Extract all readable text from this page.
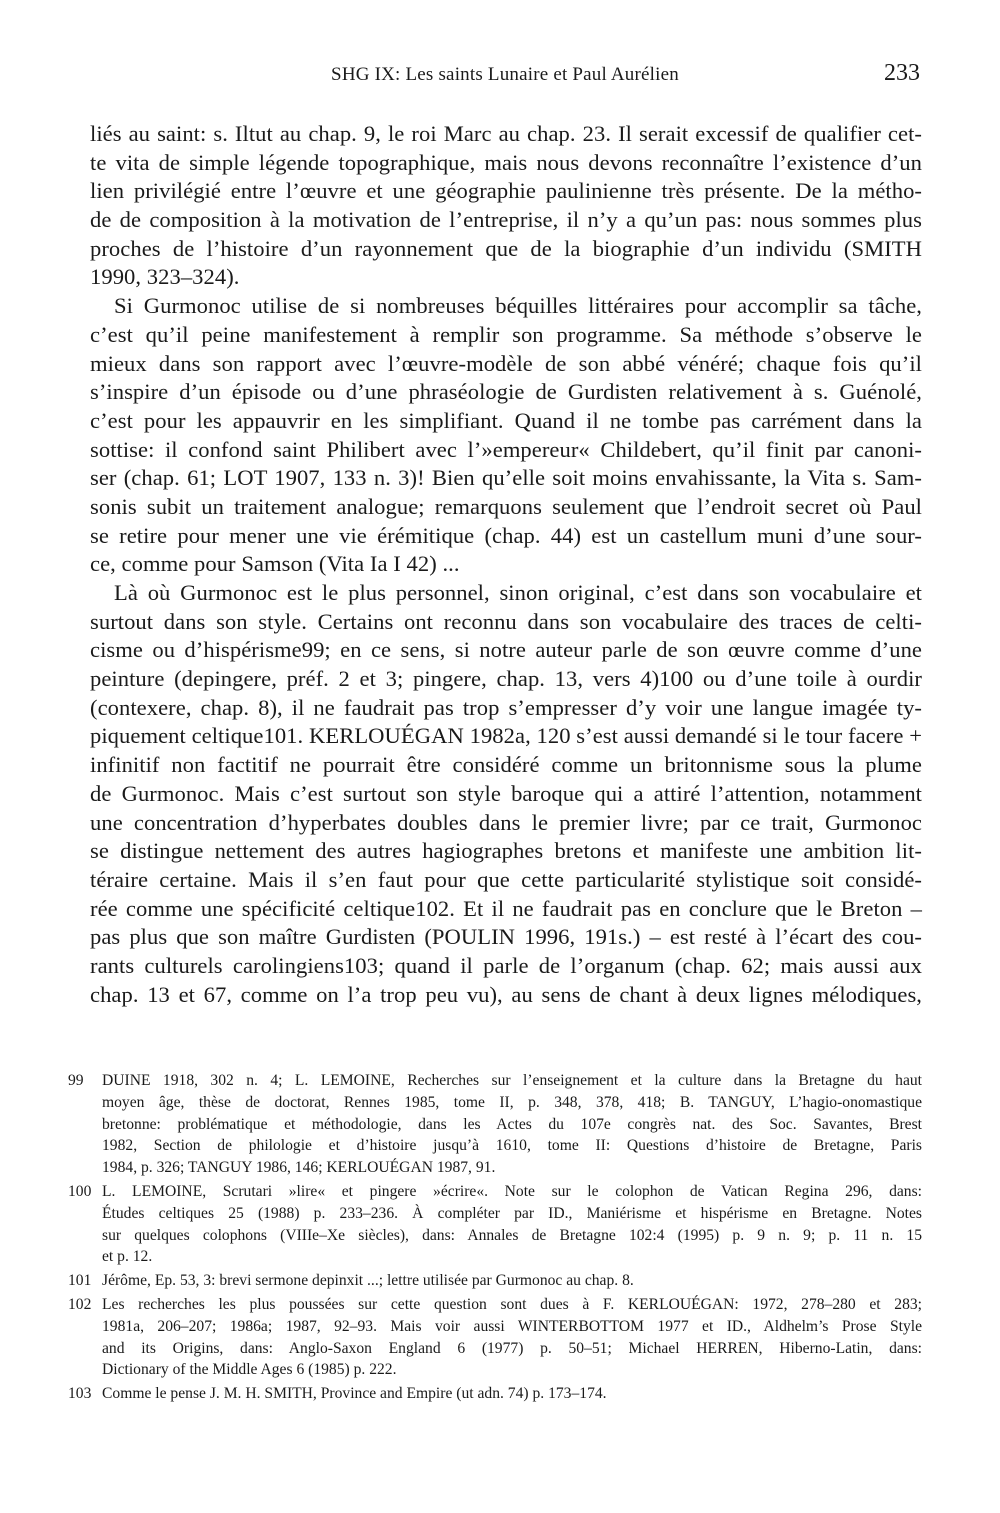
SHG IX: Les saints Lunaire et Paul Aurélien	233
liés au saint: s. Iltut au chap. 9, le roi Marc au chap. 23. Il serait excessif de qualifier cet-
te vita de simple légende topographique, mais nous devons reconnaître l’existence d’un
lien privilégié entre l’œuvre et une géographie paulinienne très présente. De la métho-
de de composition à la motivation de l’entreprise, il n’y a qu’un pas: nous sommes plus
proches de l’histoire d’un rayonnement que de la biographie d’un individu (SMITH
1990, 323–324).
Si Gurmonoc utilise de si nombreuses béquilles littéraires pour accomplir sa tâche,
c’est qu’il peine manifestement à remplir son programme. Sa méthode s’observe le
mieux dans son rapport avec l’œuvre-modèle de son abbé vénéré; chaque fois qu’il
s’inspire d’un épisode ou d’une phraséologie de Gurdisten relativement à s. Guénolé,
c’est pour les appauvrir en les simplifiant. Quand il ne tombe pas carrément dans la
sottise: il confond saint Philibert avec l’»empereur« Childebert, qu’il finit par canoni-
ser (chap. 61; LOT 1907, 133 n. 3)! Bien qu’elle soit moins envahissante, la Vita s. Sam-
sonis subit un traitement analogue; remarquons seulement que l’endroit secret où Paul
se retire pour mener une vie érémitique (chap. 44) est un castellum muni d’une sour-
ce, comme pour Samson (Vita Ia I 42) ...
Là où Gurmonoc est le plus personnel, sinon original, c’est dans son vocabulaire et
surtout dans son style. Certains ont reconnu dans son vocabulaire des traces de celti-
cisme ou d’hispérisme99; en ce sens, si notre auteur parle de son œuvre comme d’une
peinture (depingere, préf. 2 et 3; pingere, chap. 13, vers 4)100 ou d’une toile à ourdir
(contexere, chap. 8), il ne faudrait pas trop s’empresser d’y voir une langue imagée ty-
piquement celtique101. KERLOUÉGAN 1982a, 120 s’est aussi demandé si le tour facere +
infinitif non factitif ne pourrait être considéré comme un britonnisme sous la plume
de Gurmonoc. Mais c’est surtout son style baroque qui a attiré l’attention, notamment
une concentration d’hyperbates doubles dans le premier livre; par ce trait, Gurmonoc
se distingue nettement des autres hagiographes bretons et manifeste une ambition lit-
téraire certaine. Mais il s’en faut pour que cette particularité stylistique soit considé-
rée comme une spécificité celtique102. Et il ne faudrait pas en conclure que le Breton –
pas plus que son maître Gurdisten (POULIN 1996, 191s.) – est resté à l’écart des cou-
rants culturels carolingiens103; quand il parle de l’organum (chap. 62; mais aussi aux
chap. 13 et 67, comme on l’a trop peu vu), au sens de chant à deux lignes mélodiques,
99	DUINE 1918, 302 n. 4; L. LEMOINE, Recherches sur l’enseignement et la culture dans la Bretagne du haut
moyen âge, thèse de doctorat, Rennes 1985, tome II, p. 348, 378, 418; B. TANGUY, L’hagio-onomastique
bretonne: problématique et méthodologie, dans les Actes du 107e congrès nat. des Soc. Savantes, Brest
1982, Section de philologie et d’histoire jusqu’à 1610, tome II: Questions d’histoire de Bretagne, Paris
1984, p. 326; TANGUY 1986, 146; KERLOUÉGAN 1987, 91.
100 L. LEMOINE, Scrutari »lire« et pingere »écrire«. Note sur le colophon de Vatican Regina 296, dans:
Études celtiques 25 (1988) p. 233–236. À compléter par ID., Maniérisme et hispérisme en Bretagne. Notes
sur quelques colophons (VIIIe–Xe siècles), dans: Annales de Bretagne 102:4 (1995) p. 9 n. 9; p. 11 n. 15
et p. 12.
101 Jérôme, Ep. 53, 3: brevi sermone depinxit ...; lettre utilisée par Gurmonoc au chap. 8.
102 Les recherches les plus poussées sur cette question sont dues à F. KERLOUÉGAN: 1972, 278–280 et 283;
1981a, 206–207; 1986a; 1987, 92–93. Mais voir aussi WINTERBOTTOM 1977 et ID., Aldhelm’s Prose Style
and its Origins, dans: Anglo-Saxon England 6 (1977) p. 50–51; Michael HERREN, Hiberno-Latin, dans:
Dictionary of the Middle Ages 6 (1985) p. 222.
103 Comme le pense J. M. H. SMITH, Province and Empire (ut adn. 74) p. 173–174.
